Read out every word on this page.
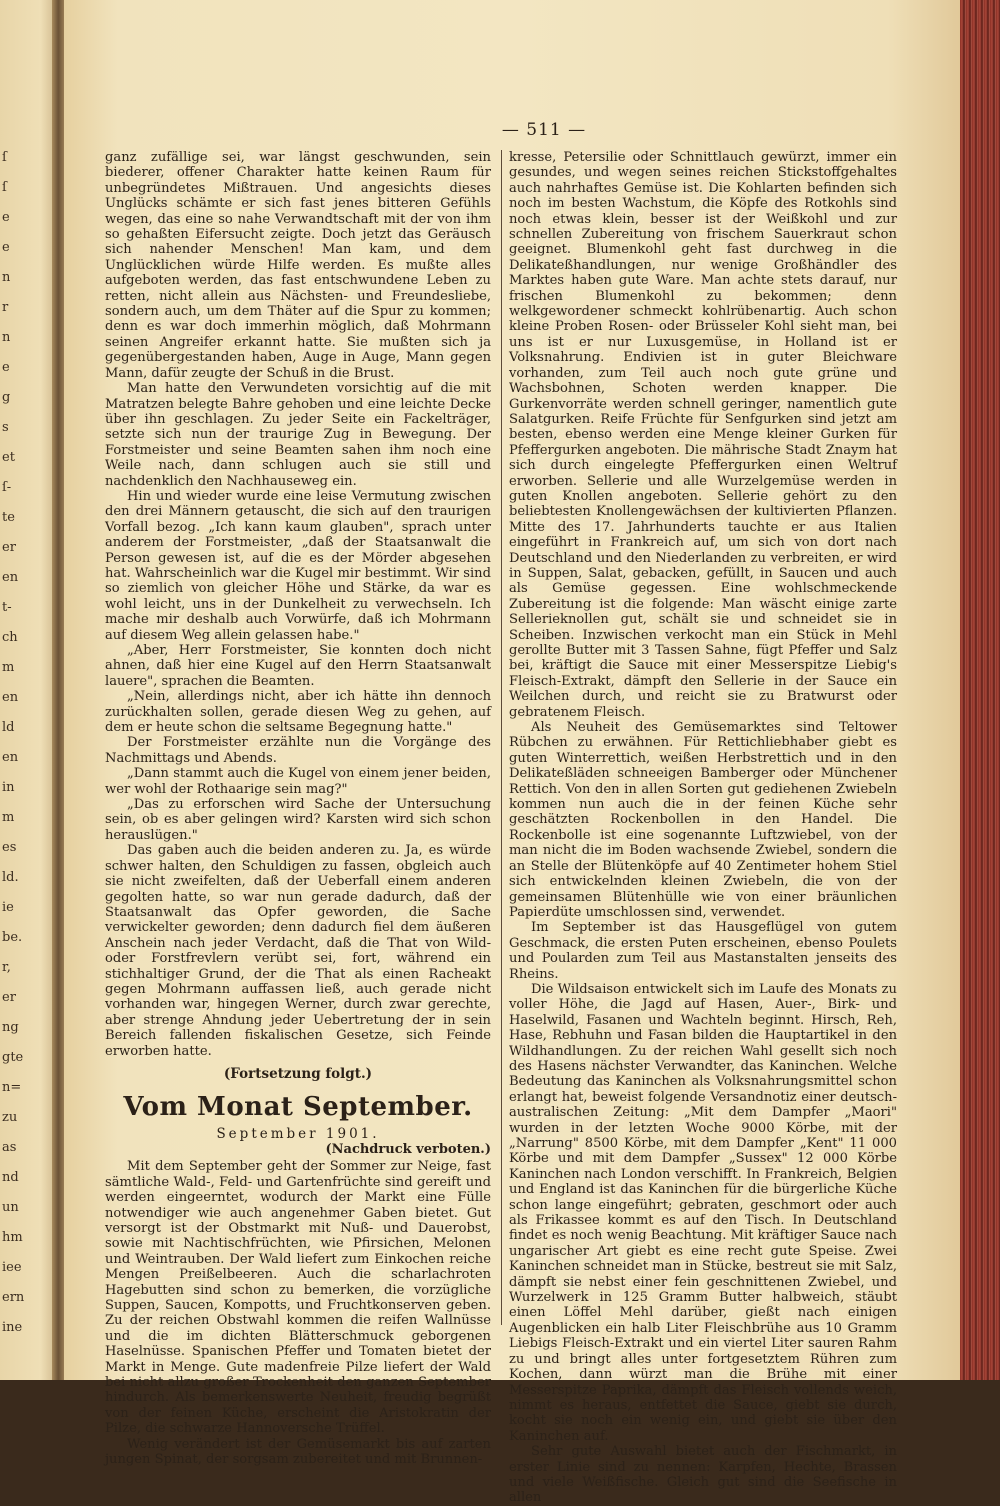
ſ
ſ
e
e
n
r
n
e
g
s
et
ſ-
te
er
en
t-
ch
m
en
ld
en
in
m
es
ld.
ie
be.
r,
er
ng
gte
n=
zu
as
nd
un
hm
iee
ern
ine
— 511 —

ganz zufällige sei, war längst geschwunden, sein biederer, offener Charakter hatte keinen Raum für unbegründetes Mißtrauen. Und angesichts dieses Unglücks schämte er sich fast jenes bitteren Gefühls wegen, das eine so nahe Verwandtschaft mit der von ihm so gehaßten Eifersucht zeigte. Doch jetzt das Geräusch sich nahender Menschen! Man kam, und dem Unglücklichen würde Hilfe werden. Es mußte alles aufgeboten werden, das fast entschwundene Leben zu retten, nicht allein aus Nächsten- und Freundesliebe, sondern auch, um dem Thäter auf die Spur zu kommen; denn es war doch immerhin möglich, daß Mohrmann seinen Angreifer erkannt hatte. Sie mußten sich ja gegenübergestanden haben, Auge in Auge, Mann gegen Mann, dafür zeugte der Schuß in die Brust.

Man hatte den Verwundeten vorsichtig auf die mit Matratzen belegte Bahre gehoben und eine leichte Decke über ihn geschlagen. Zu jeder Seite ein Fackelträger, setzte sich nun der traurige Zug in Bewegung. Der Forstmeister und seine Beamten sahen ihm noch eine Weile nach, dann schlugen auch sie still und nachdenklich den Nachhauseweg ein.

Hin und wieder wurde eine leise Vermutung zwischen den drei Männern getauscht, die sich auf den traurigen Vorfall bezog. „Ich kann kaum glauben", sprach unter anderem der Forstmeister, „daß der Staatsanwalt die Person gewesen ist, auf die es der Mörder abgesehen hat. Wahrscheinlich war die Kugel mir bestimmt. Wir sind so ziemlich von gleicher Höhe und Stärke, da war es wohl leicht, uns in der Dunkelheit zu verwechseln. Ich mache mir deshalb auch Vorwürfe, daß ich Mohrmann auf diesem Weg allein gelassen habe."

„Aber, Herr Forstmeister, Sie konnten doch nicht ahnen, daß hier eine Kugel auf den Herrn Staatsanwalt lauere", sprachen die Beamten.

„Nein, allerdings nicht, aber ich hätte ihn dennoch zurückhalten sollen, gerade diesen Weg zu gehen, auf dem er heute schon die seltsame Begegnung hatte."

Der Forstmeister erzählte nun die Vorgänge des Nachmittags und Abends.

„Dann stammt auch die Kugel von einem jener beiden, wer wohl der Rothaarige sein mag?"

„Das zu erforschen wird Sache der Untersuchung sein, ob es aber gelingen wird? Karsten wird sich schon herauslügen."

Das gaben auch die beiden anderen zu. Ja, es würde schwer halten, den Schuldigen zu fassen, obgleich auch sie nicht zweifelten, daß der Ueberfall einem anderen gegolten hatte, so war nun gerade dadurch, daß der Staatsanwalt das Opfer geworden, die Sache verwickelter geworden; denn dadurch fiel dem äußeren Anschein nach jeder Verdacht, daß die That von Wild- oder Forstfrevlern verübt sei, fort, während ein stichhaltiger Grund, der die That als einen Racheakt gegen Mohrmann auffassen ließ, auch gerade nicht vorhanden war, hingegen Werner, durch zwar gerechte, aber strenge Ahndung jeder Uebertretung der in sein Bereich fallenden fiskalischen Gesetze, sich Feinde erworben hatte.

(Fortsetzung folgt.)
Vom Monat September.
September 1901.
(Nachdruck verboten.)

Mit dem September geht der Sommer zur Neige, fast sämtliche Wald-, Feld- und Gartenfrüchte sind gereift und werden eingeerntet, wodurch der Markt eine Fülle notwendiger wie auch angenehmer Gaben bietet. Gut versorgt ist der Obstmarkt mit Nuß- und Dauerobst, sowie mit Nachtischfrüchten, wie Pfirsichen, Melonen und Weintrauben. Der Wald liefert zum Einkochen reiche Mengen Preißelbeeren. Auch die scharlachroten Hagebutten sind schon zu bemerken, die vorzügliche Suppen, Saucen, Kompotts, und Fruchtkonserven geben. Zu der reichen Obstwahl kommen die reifen Wallnüsse und die im dichten Blätterschmuck geborgenen Haselnüsse. Spanischen Pfeffer und Tomaten bietet der Markt in Menge. Gute madenfreie Pilze liefert der Wald bei nicht allzu großer Trockenheit den ganzen September hindurch. Als bemerkenswerte Neuheit, freudig begrüßt von der feinen Küche, erscheint die Aristokratin der Pilze, die schwarze Hannoversche Trüffel.

Wenig verändert ist der Gemüsemarkt bis auf zarten jungen Spinat, der sorgsam zubereitet und mit Brunnen-

kresse, Petersilie oder Schnittlauch gewürzt, immer ein gesundes, und wegen seines reichen Stickstoffgehaltes auch nahrhaftes Gemüse ist. Die Kohlarten befinden sich noch im besten Wachstum, die Köpfe des Rotkohls sind noch etwas klein, besser ist der Weißkohl und zur schnellen Zubereitung von frischem Sauerkraut schon geeignet. Blumenkohl geht fast durchweg in die Delikateßhandlungen, nur wenige Großhändler des Marktes haben gute Ware. Man achte stets darauf, nur frischen Blumenkohl zu bekommen; denn welkgewordener schmeckt kohlrübenartig. Auch schon kleine Proben Rosen- oder Brüsseler Kohl sieht man, bei uns ist er nur Luxusgemüse, in Holland ist er Volksnahrung. Endivien ist in guter Bleichware vorhanden, zum Teil auch noch gute grüne und Wachsbohnen, Schoten werden knapper. Die Gurkenvorräte werden schnell geringer, namentlich gute Salatgurken. Reife Früchte für Senfgurken sind jetzt am besten, ebenso werden eine Menge kleiner Gurken für Pfeffergurken angeboten. Die mährische Stadt Znaym hat sich durch eingelegte Pfeffergurken einen Weltruf erworben. Sellerie und alle Wurzelgemüse werden in guten Knollen angeboten. Sellerie gehört zu den beliebtesten Knollengewächsen der kultivierten Pflanzen. Mitte des 17. Jahrhunderts tauchte er aus Italien eingeführt in Frankreich auf, um sich von dort nach Deutschland und den Niederlanden zu verbreiten, er wird in Suppen, Salat, gebacken, gefüllt, in Saucen und auch als Gemüse gegessen. Eine wohlschmeckende Zubereitung ist die folgende: Man wäscht einige zarte Sellerieknollen gut, schält sie und schneidet sie in Scheiben. Inzwischen verkocht man ein Stück in Mehl gerollte Butter mit 3 Tassen Sahne, fügt Pfeffer und Salz bei, kräftigt die Sauce mit einer Messerspitze Liebig's Fleisch-Extrakt, dämpft den Sellerie in der Sauce ein Weilchen durch, und reicht sie zu Bratwurst oder gebratenem Fleisch.

Als Neuheit des Gemüsemarktes sind Teltower Rübchen zu erwähnen. Für Rettichliebhaber giebt es guten Winterrettich, weißen Herbstrettich und in den Delikateßläden schneeigen Bamberger oder Münchener Rettich. Von den in allen Sorten gut gediehenen Zwiebeln kommen nun auch die in der feinen Küche sehr geschätzten Rockenbollen in den Handel. Die Rockenbolle ist eine sogenannte Luftzwiebel, von der man nicht die im Boden wachsende Zwiebel, sondern die an Stelle der Blütenköpfe auf 40 Zentimeter hohem Stiel sich entwickelnden kleinen Zwiebeln, die von der gemeinsamen Blütenhülle wie von einer bräunlichen Papierdüte umschlossen sind, verwendet.

Im September ist das Hausgeflügel von gutem Geschmack, die ersten Puten erscheinen, ebenso Poulets und Poularden zum Teil aus Mastanstalten jenseits des Rheins.

Die Wildsaison entwickelt sich im Laufe des Monats zu voller Höhe, die Jagd auf Hasen, Auer-, Birk- und Haselwild, Fasanen und Wachteln beginnt. Hirsch, Reh, Hase, Rebhuhn und Fasan bilden die Hauptartikel in den Wildhandlungen. Zu der reichen Wahl gesellt sich noch des Hasens nächster Verwandter, das Kaninchen. Welche Bedeutung das Kaninchen als Volksnahrungsmittel schon erlangt hat, beweist folgende Versandnotiz einer deutsch-australischen Zeitung: „Mit dem Dampfer „Maori" wurden in der letzten Woche 9000 Körbe, mit der „Narrung" 8500 Körbe, mit dem Dampfer „Kent" 11 000 Körbe und mit dem Dampfer „Sussex" 12 000 Körbe Kaninchen nach London verschifft. In Frankreich, Belgien und England ist das Kaninchen für die bürgerliche Küche schon lange eingeführt; gebraten, geschmort oder auch als Frikassee kommt es auf den Tisch. In Deutschland findet es noch wenig Beachtung. Mit kräftiger Sauce nach ungarischer Art giebt es eine recht gute Speise. Zwei Kaninchen schneidet man in Stücke, bestreut sie mit Salz, dämpft sie nebst einer fein geschnittenen Zwiebel, und Wurzelwerk in 125 Gramm Butter halbweich, stäubt einen Löffel Mehl darüber, gießt nach einigen Augenblicken ein halb Liter Fleischbrühe aus 10 Gramm Liebigs Fleisch-Extrakt und ein viertel Liter sauren Rahm zu und bringt alles unter fortgesetztem Rühren zum Kochen, dann würzt man die Brühe mit einer Messerspitze Paprika, dämpft das Fleisch vollends weich, nimmt es heraus, entfettet die Sauce, giebt sie durch, kocht sie noch ein wenig ein, und giebt sie über den Kaninchen auf.

Sehr gute Auswahl bietet auch der Fischmarkt, in erster Linie sind zu nennen: Karpfen, Hechte, Brassen und viele Weißfische. Gleich gut sind die Seefische in allen
